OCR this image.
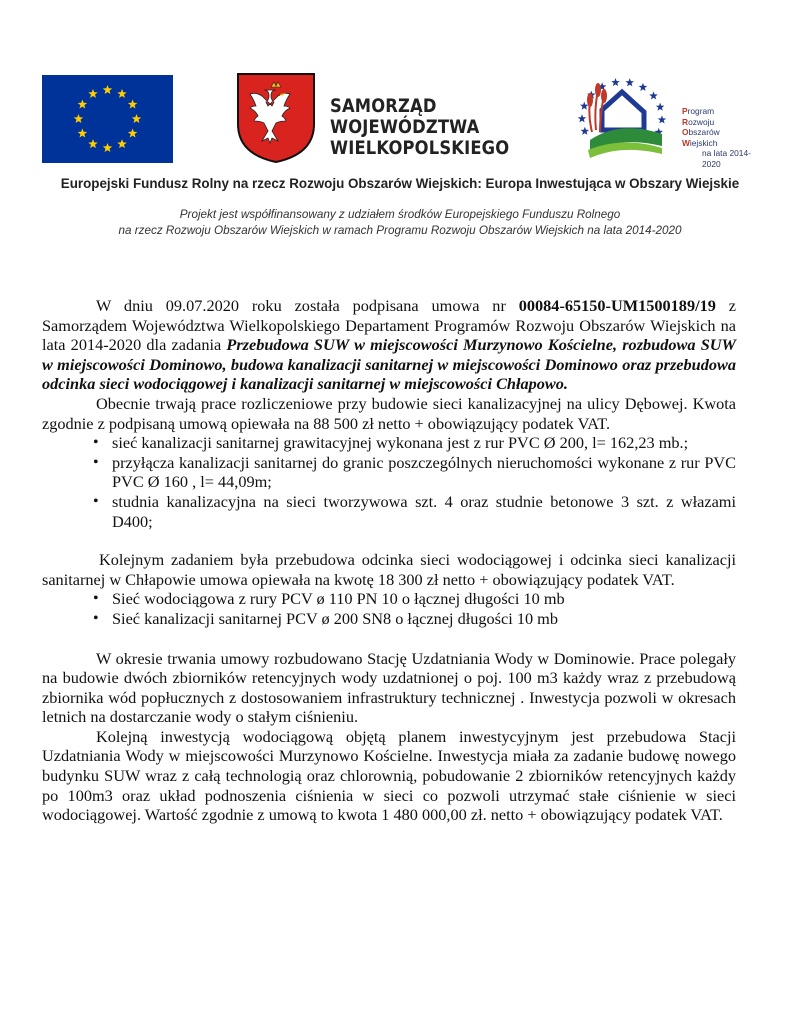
SAMORZĄD WOJEWÓDZTWA
WIELKOPOLSKIEGO
Program
Rozwoju
Obszarów
Wiejskich
na lata 2014-2020
Europejski Fundusz Rolny na rzecz Rozwoju Obszarów Wiejskich: Europa Inwestująca w Obszary Wiejskie
Projekt jest współfinansowany z udziałem środków Europejskiego Funduszu Rolnego
na rzecz Rozwoju Obszarów Wiejskich w ramach Programu Rozwoju Obszarów Wiejskich na lata 2014-2020

W dniu 09.07.2020 roku została podpisana umowa nr 00084-65150-UM1500189/19 z Samorządem Województwa Wielkopolskiego Departament Programów Rozwoju Obszarów Wiejskich na lata 2014-2020 dla zadania Przebudowa SUW w miejscowości Murzynowo Kościelne, rozbudowa SUW w miejscowości Dominowo, budowa kanalizacji sanitarnej w miejscowości Dominowo oraz przebudowa odcinka sieci wodociągowej i kanalizacji sanitarnej w miejscowości Chłapowo.

Obecnie trwają prace rozliczeniowe przy budowie sieci kanalizacyjnej na ulicy Dębowej. Kwota zgodnie z podpisaną umową opiewała na 88 500 zł netto + obowiązujący podatek VAT.

• sieć kanalizacji sanitarnej grawitacyjnej wykonana jest z rur PVC Ø 200, l= 162,23 mb.;
• przyłącza kanalizacji sanitarnej do granic poszczególnych nieruchomości wykonane z rur PVC PVC Ø 160 , l= 44,09m;
• studnia kanalizacyjna na sieci tworzywowa szt. 4 oraz studnie betonowe 3 szt. z włazami D400;

Kolejnym zadaniem była przebudowa odcinka sieci wodociągowej i odcinka sieci kanalizacji sanitarnej w Chłapowie umowa opiewała na kwotę 18 300 zł netto + obowiązujący podatek VAT.

• Sieć wodociągowa z rury PCV ø 110 PN 10 o łącznej długości 10 mb
• Sieć kanalizacji sanitarnej PCV ø 200 SN8 o łącznej długości 10 mb

W okresie trwania umowy rozbudowano Stację Uzdatniania Wody w Dominowie. Prace polegały na budowie dwóch zbiorników retencyjnych wody uzdatnionej o poj. 100 m3 każdy wraz z przebudową zbiornika wód popłucznych z dostosowaniem infrastruktury technicznej . Inwestycja pozwoli w okresach letnich na dostarczanie wody o stałym ciśnieniu.

Kolejną inwestycją wodociągową objętą planem inwestycyjnym jest przebudowa Stacji Uzdatniania Wody w miejscowości Murzynowo Kościelne. Inwestycja miała za zadanie budowę nowego budynku SUW wraz z całą technologią oraz chlorownią, pobudowanie 2 zbiorników retencyjnych każdy po 100m3 oraz układ podnoszenia ciśnienia w sieci co pozwoli utrzymać stałe ciśnienie w sieci wodociągowej. Wartość zgodnie z umową to kwota 1 480 000,00 zł. netto + obowiązujący podatek VAT.
